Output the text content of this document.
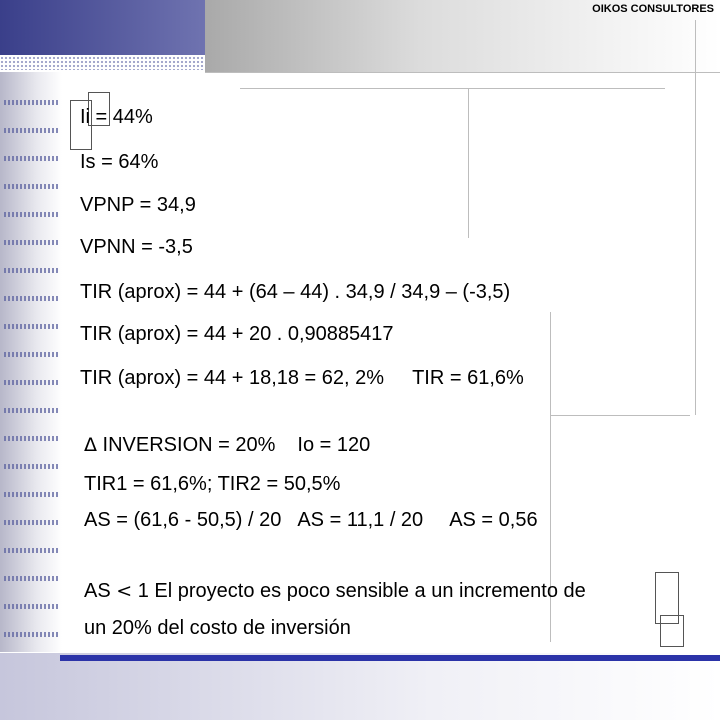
OIKOS CONSULTORES
Ii = 44%
Is = 64%
VPNP = 34,9
VPNN = -3,5
TIR (aprox) = 44 + (64 – 44) . 34,9 / 34,9 – (-3,5)
TIR (aprox) = 44 + 20 . 0,90885417
TIR (aprox) = 44 + 18,18 = 62, 2% TIR = 61,6%
Δ INVERSION = 20% Io = 120
TIR1 = 61,6%; TIR2 = 50,5%
AS = (61,6 - 50,5) / 20 AS = 11,1 / 20 AS = 0,56
AS < 1 El proyecto es poco sensible a un incremento de
un 20% del costo de inversión
